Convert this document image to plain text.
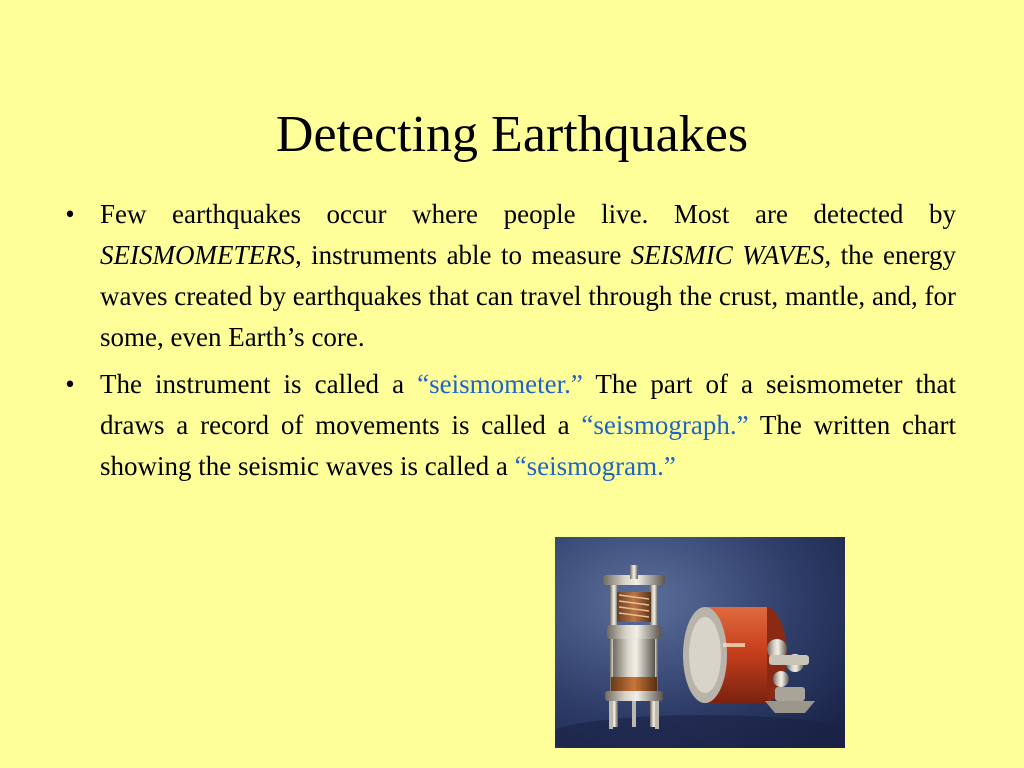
Detecting Earthquakes
• Few earthquakes occur where people live. Most are detected by SEISMOMETERS, instruments able to measure SEISMIC WAVES, the energy waves created by earthquakes that can travel through the crust, mantle, and, for some, even Earth’s core.
• The instrument is called a “seismometer.” The part of a seismometer that draws a record of movements is called a “seismograph.” The written chart showing the seismic waves is called a “seismogram.”
